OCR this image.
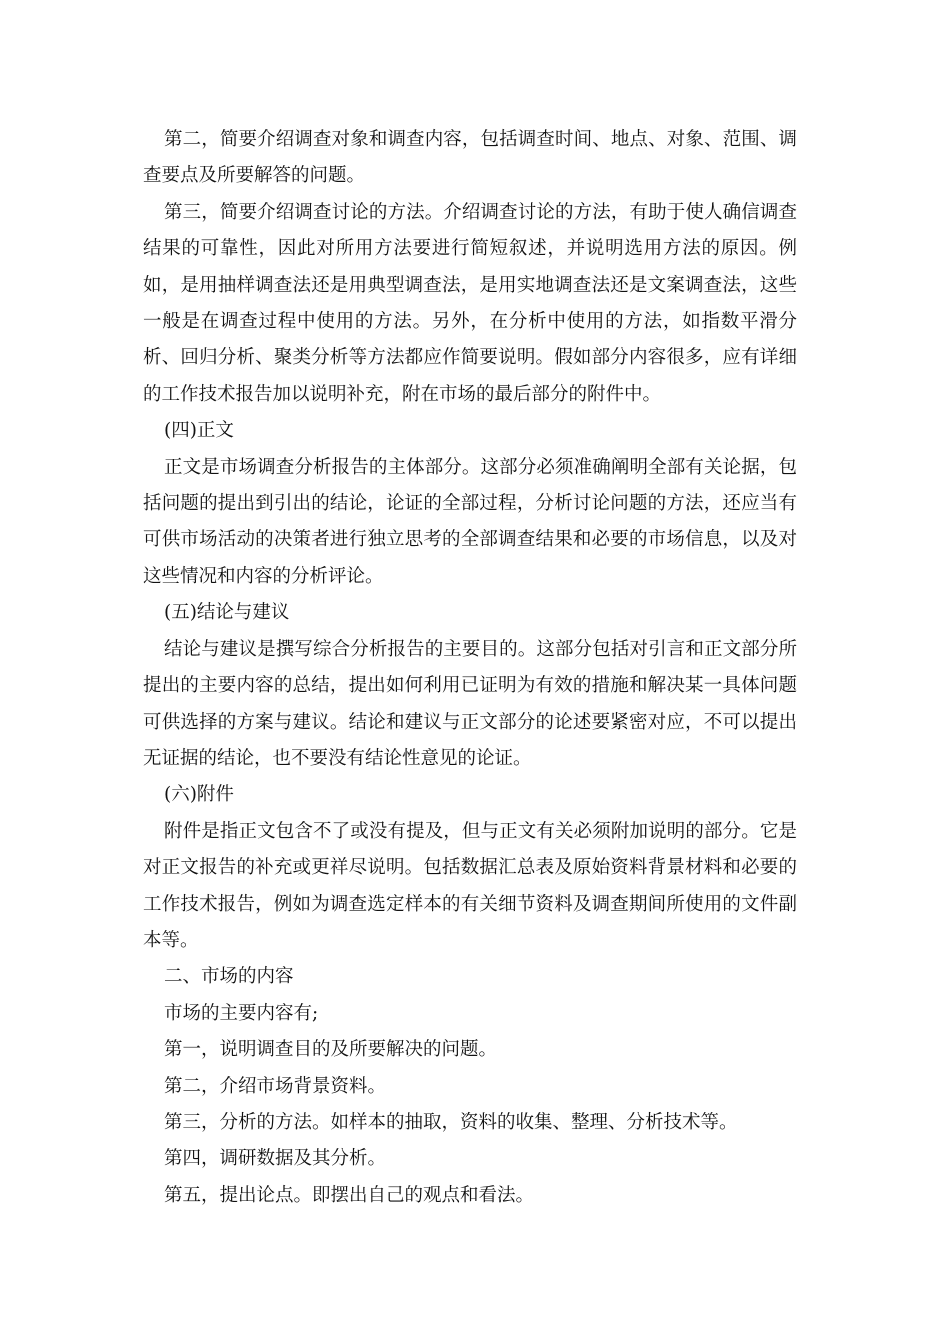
第二，简要介绍调查对象和调查内容，包括调查时间、地点、对象、范围、调查要点及所要解答的问题。

第三，简要介绍调查讨论的方法。介绍调查讨论的方法，有助于使人确信调查结果的可靠性，因此对所用方法要进行简短叙述，并说明选用方法的原因。例如，是用抽样调查法还是用典型调查法，是用实地调查法还是文案调查法，这些一般是在调查过程中使用的方法。另外，在分析中使用的方法，如指数平滑分析、回归分析、聚类分析等方法都应作简要说明。假如部分内容很多，应有详细的工作技术报告加以说明补充，附在市场的最后部分的附件中。

(四)正文

正文是市场调查分析报告的主体部分。这部分必须准确阐明全部有关论据，包括问题的提出到引出的结论，论证的全部过程，分析讨论问题的方法，还应当有可供市场活动的决策者进行独立思考的全部调查结果和必要的市场信息，以及对这些情况和内容的分析评论。

(五)结论与建议

结论与建议是撰写综合分析报告的主要目的。这部分包括对引言和正文部分所提出的主要内容的总结，提出如何利用已证明为有效的措施和解决某一具体问题可供选择的方案与建议。结论和建议与正文部分的论述要紧密对应，不可以提出无证据的结论，也不要没有结论性意见的论证。

(六)附件

附件是指正文包含不了或没有提及，但与正文有关必须附加说明的部分。它是对正文报告的补充或更祥尽说明。包括数据汇总表及原始资料背景材料和必要的工作技术报告，例如为调查选定样本的有关细节资料及调查期间所使用的文件副本等。

二、市场的内容

市场的主要内容有;

第一，说明调查目的及所要解决的问题。

第二，介绍市场背景资料。

第三，分析的方法。如样本的抽取，资料的收集、整理、分析技术等。

第四，调研数据及其分析。

第五，提出论点。即摆出自己的观点和看法。
